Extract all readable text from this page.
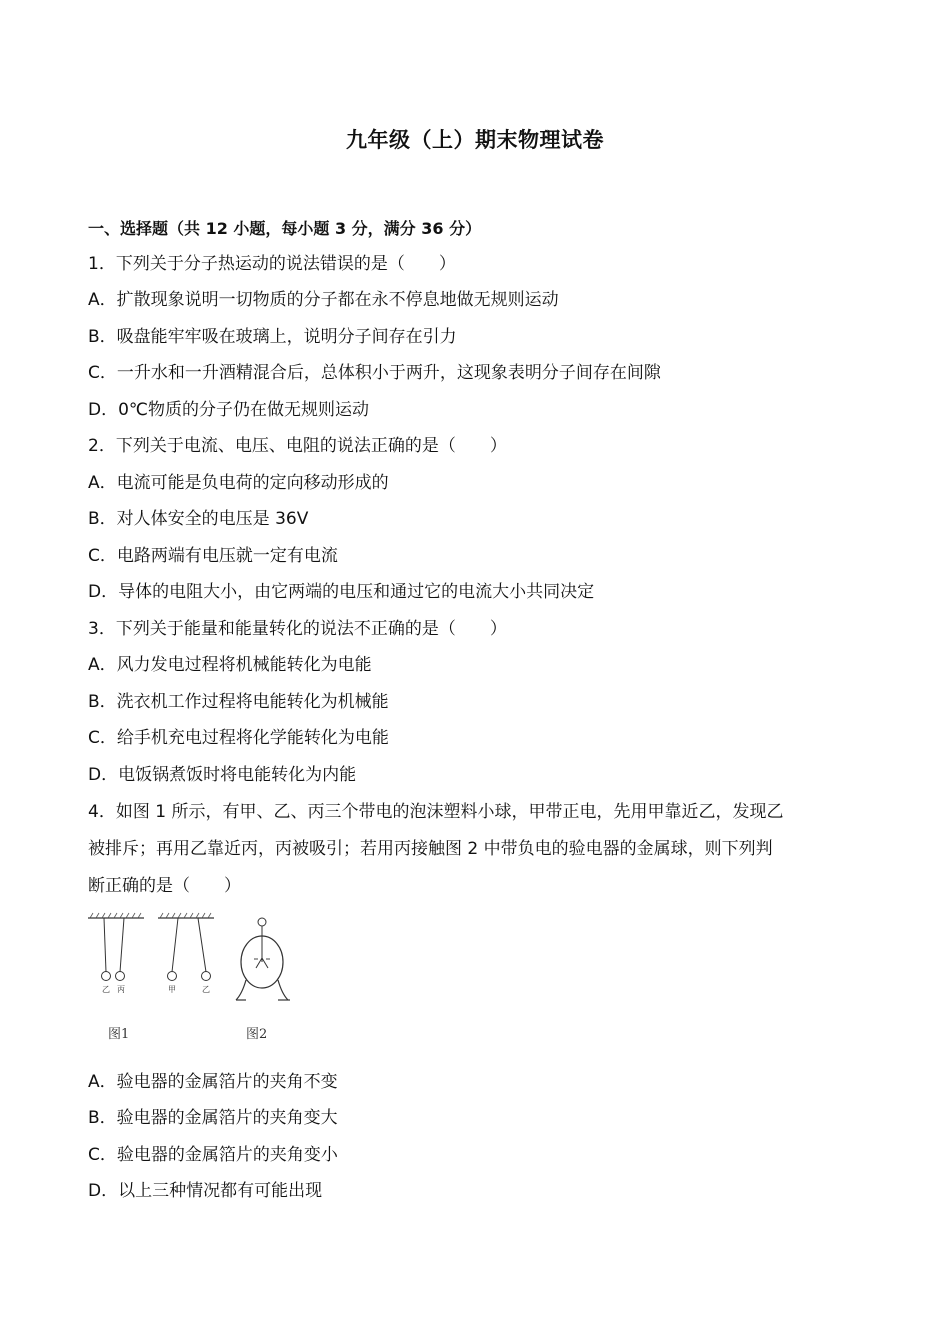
九年级（上）期末物理试卷
一、选择题（共 12 小题，每小题 3 分，满分 36 分）
1．下列关于分子热运动的说法错误的是（　　）
A．扩散现象说明一切物质的分子都在永不停息地做无规则运动
B．吸盘能牢牢吸在玻璃上，说明分子间存在引力
C．一升水和一升酒精混合后，总体积小于两升，这现象表明分子间存在间隙
D．0℃物质的分子仍在做无规则运动
2．下列关于电流、电压、电阻的说法正确的是（　　）
A．电流可能是负电荷的定向移动形成的
B．对人体安全的电压是 36V
C．电路两端有电压就一定有电流
D．导体的电阻大小，由它两端的电压和通过它的电流大小共同决定
3．下列关于能量和能量转化的说法不正确的是（　　）
A．风力发电过程将机械能转化为电能
B．洗衣机工作过程将电能转化为机械能
C．给手机充电过程将化学能转化为电能
D．电饭锅煮饭时将电能转化为内能
4．如图 1 所示，有甲、乙、丙三个带电的泡沫塑料小球，甲带正电，先用甲靠近乙，发现乙
被排斥；再用乙靠近丙，丙被吸引；若用丙接触图 2 中带负电的验电器的金属球，则下列判
断正确的是（　　）
乙 丙	甲	乙
图1	图2
A．验电器的金属箔片的夹角不变
B．验电器的金属箔片的夹角变大
C．验电器的金属箔片的夹角变小
D．以上三种情况都有可能出现
